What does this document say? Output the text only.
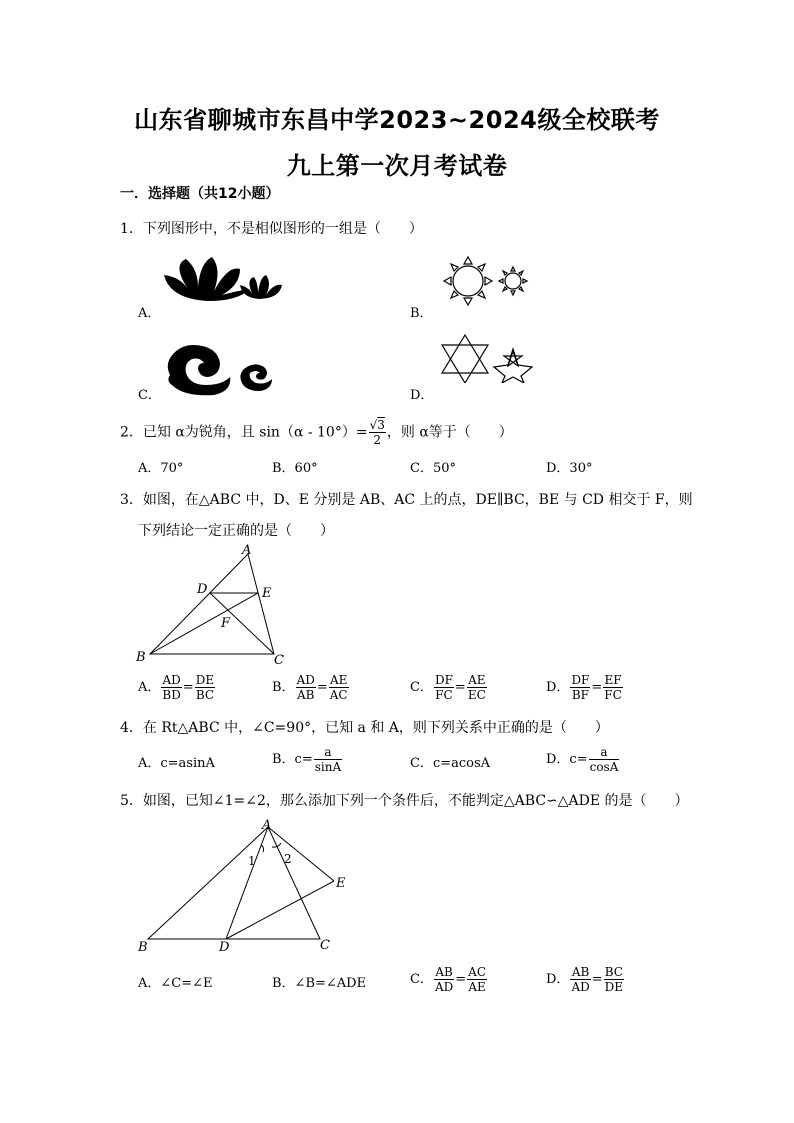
山东省聊城市东昌中学2023~2024级全校联考
九上第一次月考试卷
一．选择题（共12小题）
1．下列图形中，不是相似图形的一组是（　　）
A．	B．
C．	D．
2．已知 α为锐角，且 $\sin(\alpha - 10^\circ)= \frac{√3}{2}$ ，则 α等于（　　）
A．70°	B．60°	C．50°	D．30°
3．如图，在△ABC 中，D、E 分别是 AB、AC 上的点，DE∥BC，BE 与 CD 相交于 F，则
下列结论一定正确的是（　　）
A
B	C
D	E
F
A． $\frac{AD}{BD} = \frac{DE}{BC}$	B． $\frac{AD}{AB} = \frac{AE}{AC}$	C． $\frac{DF}{FC} = \frac{AE}{EC}$	D． $\frac{DF}{BF} = \frac{EF}{FC}$
4．在 Rt△ABC 中，∠C=90°，已知 a 和 A，则下列关系中正确的是（　　）
A．c=asinA	B．$c= \frac{a}{\sin A}$	C．c=acosA	D．$c= \frac{a}{\cos A}$
5．如图，已知∠1=∠2，那么添加下列一个条件后，不能判定△ABC∽△ADE 的是（　　）
A
B	C
D
E
1 2
A．∠C=∠E	B．∠B=∠ADE	C． $\frac{AB}{AD} = \frac{AC}{AE}$	D． $\frac{AB}{AD} = \frac{BC}{DE}$
